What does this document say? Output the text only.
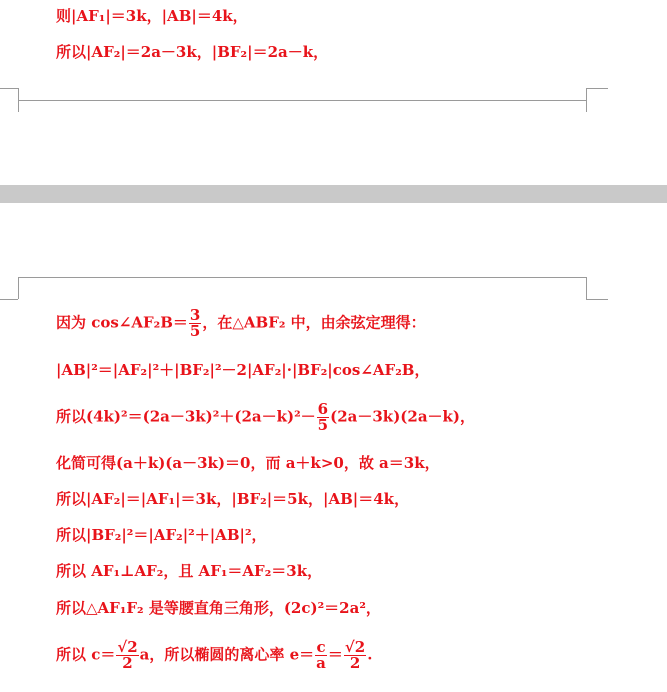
则|AF₁|＝3k，|AB|＝4k，
所以|AF₂|＝2a－3k，|BF₂|＝2a－k，
因为 cos∠AF₂B＝ $\frac{3}{5}$ ，在△ABF₂ 中，由余弦定理得：
|AB|²＝|AF₂|²＋|BF₂|²－2|AF₂|·|BF₂|cos∠AF₂B，
所以$(4k)^2=(2a-3k)^2+(2a-k)^2- \frac{6}{5} (2a-3k)(2a-k)$，
化简可得(a＋k)(a－3k)＝0，而 a＋k>0，故 a＝3k，
所以|AF₂|＝|AF₁|＝3k，|BF₂|＝5k，|AB|＝4k，
所以|BF₂|²＝|AF₂|²＋|AB|²，
所以 AF₁⊥AF₂，且 AF₁＝AF₂＝3k，
所以△AF₁F₂ 是等腰直角三角形，(2c)²＝2a²，
所以 $c= \frac{√2}{2}$ a，所以椭圆的离心率 $e= \frac{c}{a} = \frac{√2}{2}$ .
